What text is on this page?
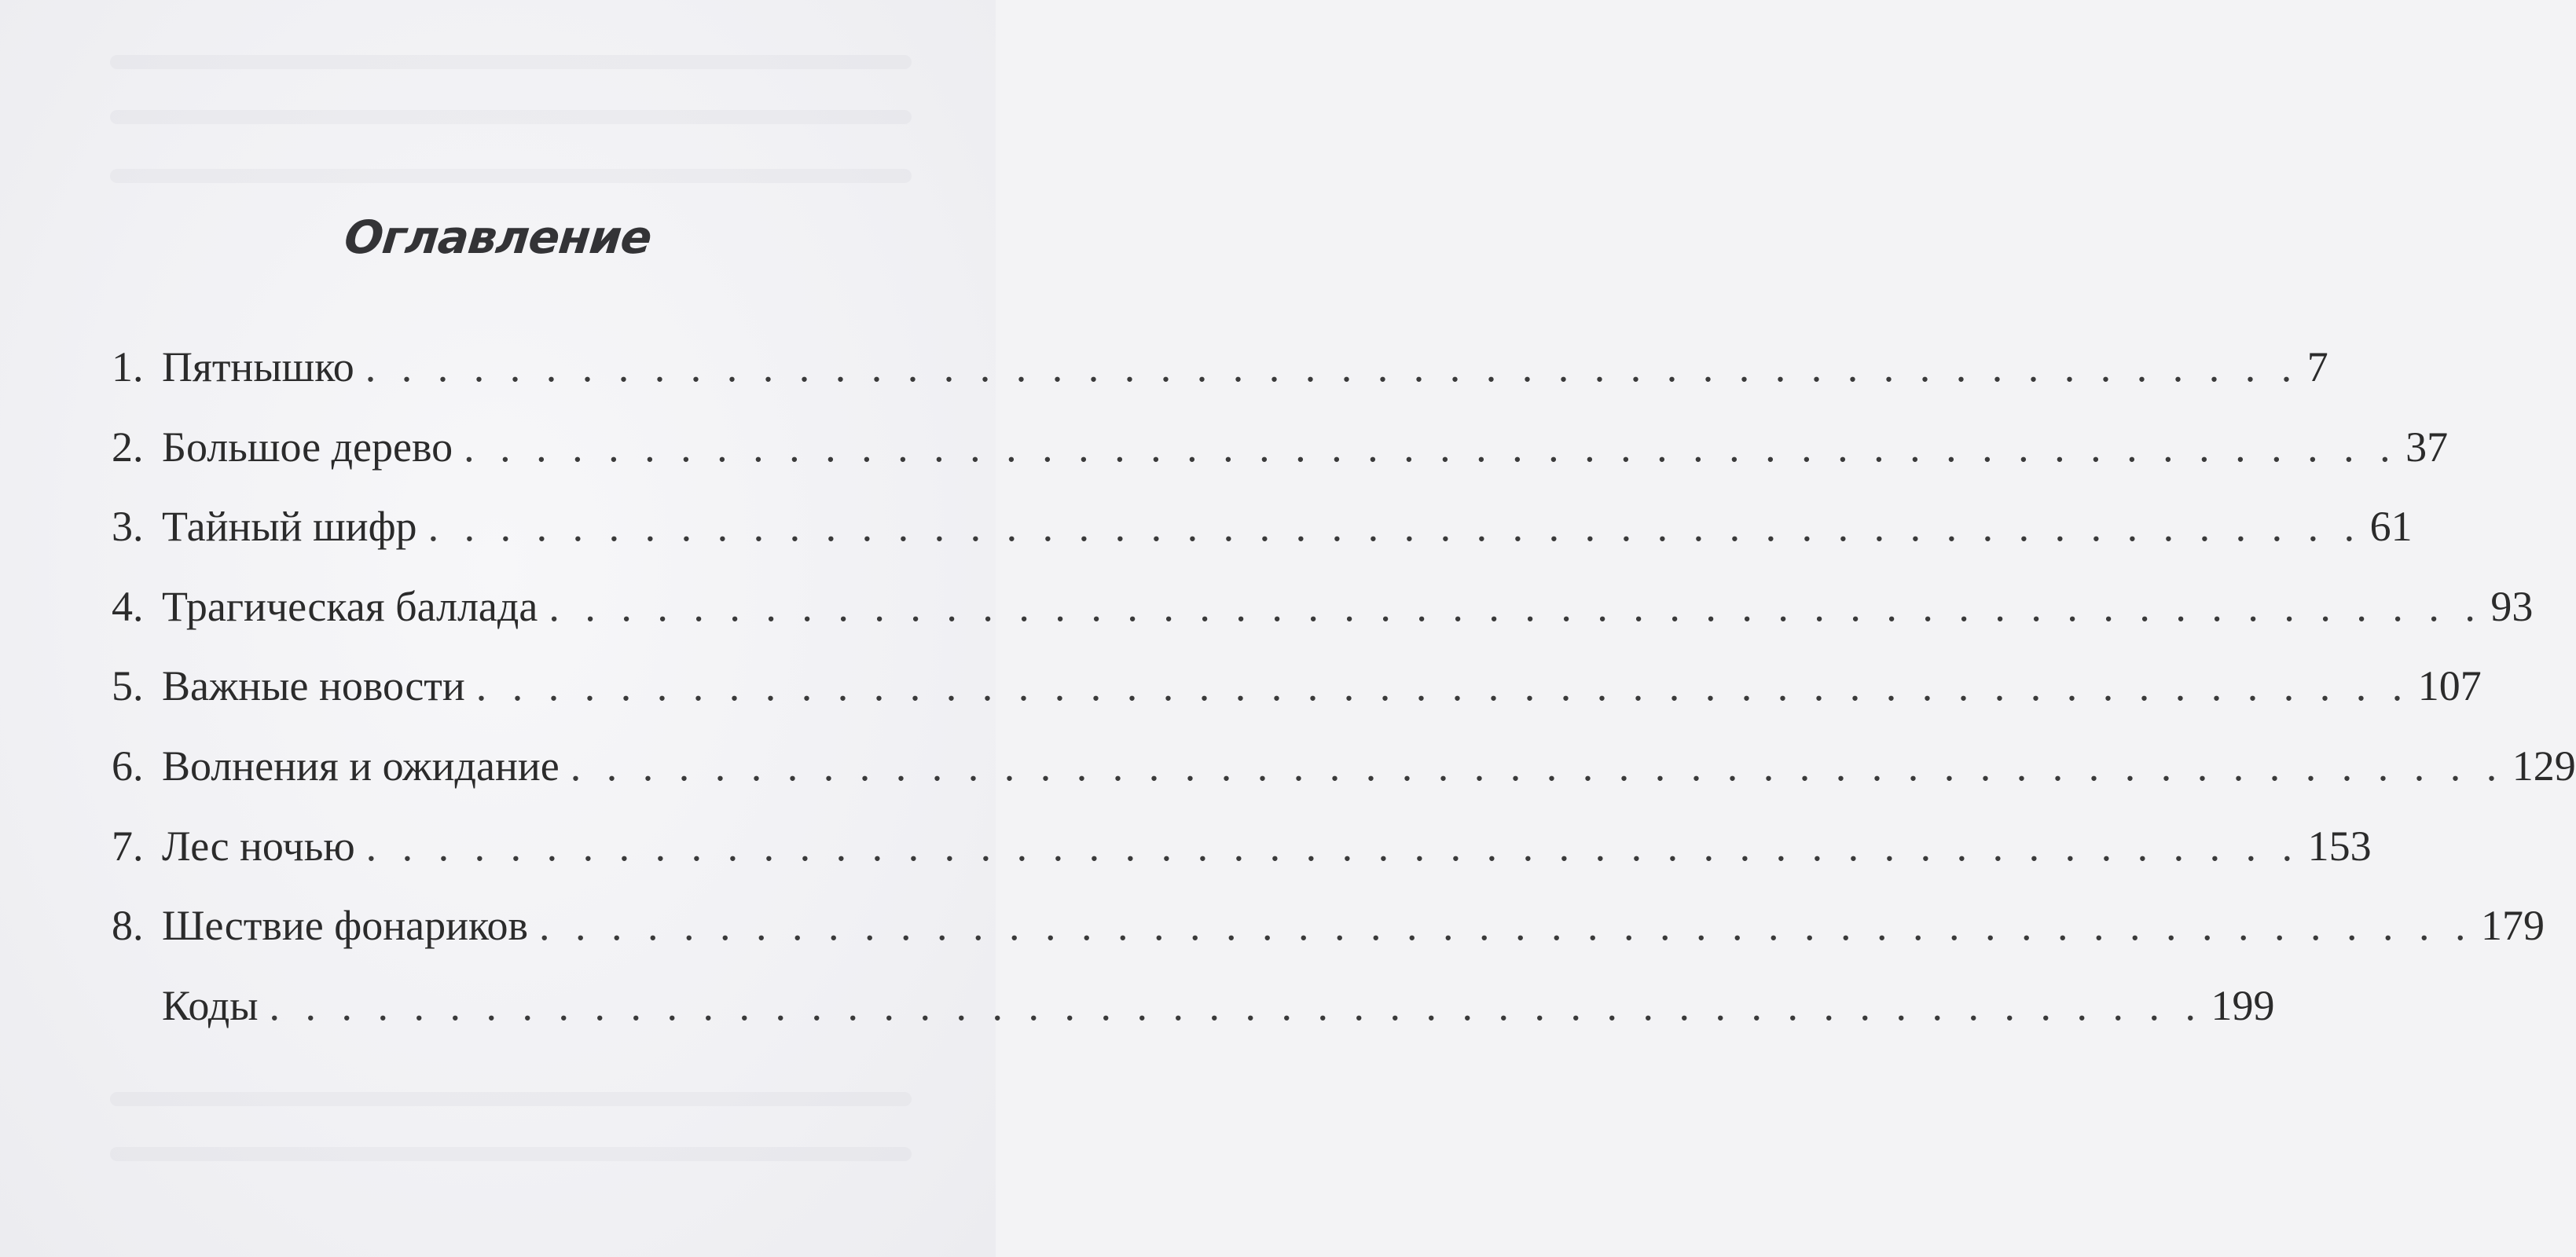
Оглавление
1. Пятнышко . . . . . . . . . . . . . . . . . . . . . . . . . . . . . . . . . . . . . . . . . . . . . . . . . . . . . . 7
2. Большое дерево . . . . . . . . . . . . . . . . . . . . . . . . . . . . . . . . . . . . . . . . . . . . . . . . . . . . . . 37
3. Тайный шифр . . . . . . . . . . . . . . . . . . . . . . . . . . . . . . . . . . . . . . . . . . . . . . . . . . . . . . 61
4. Трагическая баллада . . . . . . . . . . . . . . . . . . . . . . . . . . . . . . . . . . . . . . . . . . . . . . . . . . . . . . 93
5. Важные новости . . . . . . . . . . . . . . . . . . . . . . . . . . . . . . . . . . . . . . . . . . . . . . . . . . . . . . 107
6. Волнения и ожидание . . . . . . . . . . . . . . . . . . . . . . . . . . . . . . . . . . . . . . . . . . . . . . . . . . . . . . 129
7. Лес ночью . . . . . . . . . . . . . . . . . . . . . . . . . . . . . . . . . . . . . . . . . . . . . . . . . . . . . . 153
8. Шествие фонариков . . . . . . . . . . . . . . . . . . . . . . . . . . . . . . . . . . . . . . . . . . . . . . . . . . . . . . 179
Коды . . . . . . . . . . . . . . . . . . . . . . . . . . . . . . . . . . . . . . . . . . . . . . . . . . . . . . 199
